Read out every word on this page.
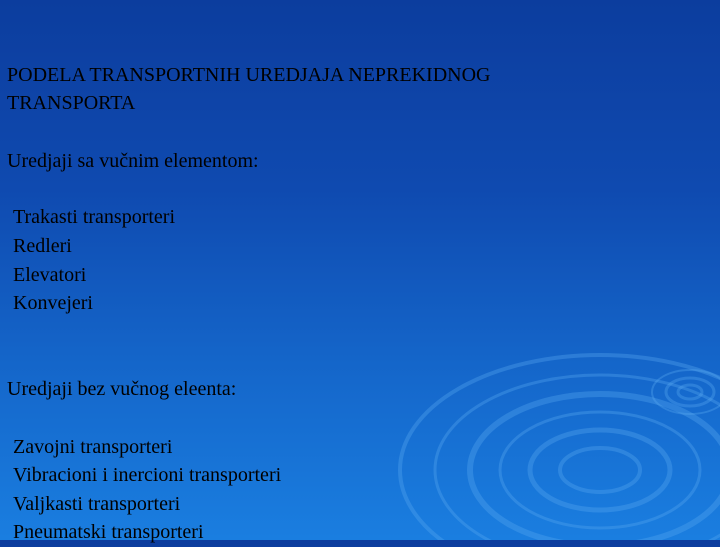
PODELA TRANSPORTNIH UREDJAJA NEPREKIDNOG
TRANSPORTA
Uredjaji sa vučnim elementom:
Trakasti transporteri
Redleri
Elevatori
Konvejeri
Uredjaji bez vučnog eleenta:
Zavojni transporteri
Vibracioni i inercioni transporteri
Valjkasti transporteri
Pneumatski transporteri
